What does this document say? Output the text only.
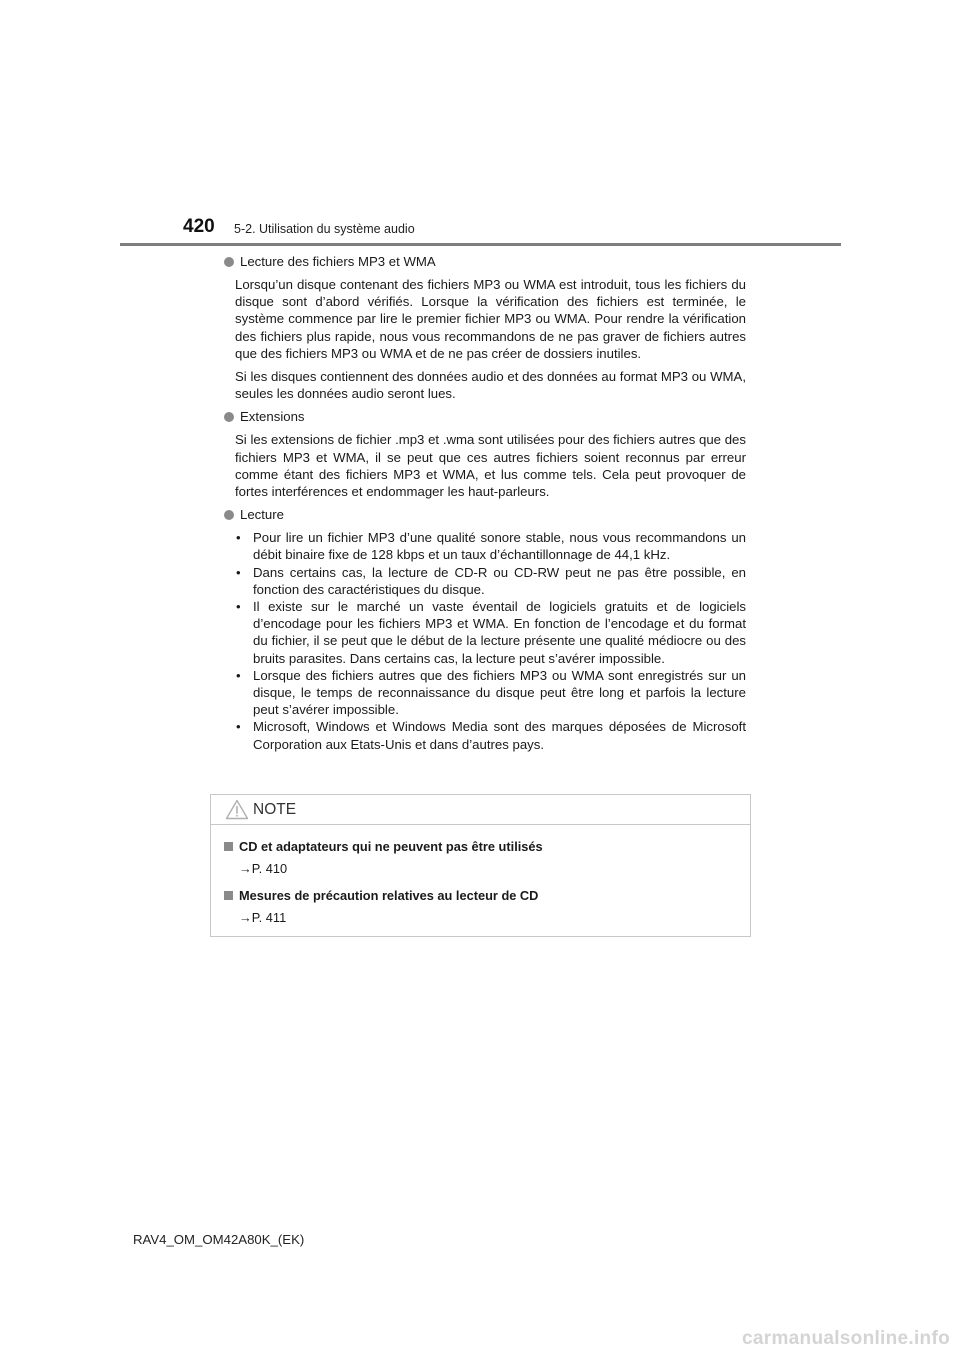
420 5-2. Utilisation du système audio
Lecture des fichiers MP3 et WMA

Lorsqu’un disque contenant des fichiers MP3 ou WMA est introduit, tous les fichiers du disque sont d’abord vérifiés. Lorsque la vérification des fichiers est terminée, le système commence par lire le premier fichier MP3 ou WMA. Pour rendre la vérification des fichiers plus rapide, nous vous recommandons de ne pas graver de fichiers autres que des fichiers MP3 ou WMA et de ne pas créer de dossiers inutiles.

Si les disques contiennent des données audio et des données au format MP3 ou WMA, seules les données audio seront lues.

Extensions

Si les extensions de fichier .mp3 et .wma sont utilisées pour des fichiers autres que des fichiers MP3 et WMA, il se peut que ces autres fichiers soient reconnus par erreur comme étant des fichiers MP3 et WMA, et lus comme tels. Cela peut provoquer de fortes interférences et endommager les haut-parleurs.

Lecture
• Pour lire un fichier MP3 d’une qualité sonore stable, nous vous recommandons un débit binaire fixe de 128 kbps et un taux d’échantillonnage de 44,1 kHz.
• Dans certains cas, la lecture de CD-R ou CD-RW peut ne pas être possible, en fonction des caractéristiques du disque.
• Il existe sur le marché un vaste éventail de logiciels gratuits et de logiciels d’encodage pour les fichiers MP3 et WMA. En fonction de l’encodage et du format du fichier, il se peut que le début de la lecture présente une qualité médiocre ou des bruits parasites. Dans certains cas, la lecture peut s’avérer impossible.
• Lorsque des fichiers autres que des fichiers MP3 ou WMA sont enregistrés sur un disque, le temps de reconnaissance du disque peut être long et parfois la lecture peut s’avérer impossible.
• Microsoft, Windows et Windows Media sont des marques déposées de Microsoft Corporation aux Etats-Unis et dans d’autres pays.
NOTE
CD et adaptateurs qui ne peuvent pas être utilisés
→P. 410
Mesures de précaution relatives au lecteur de CD
→P. 411
RAV4_OM_OM42A80K_(EK)
carmanualsonline.info
